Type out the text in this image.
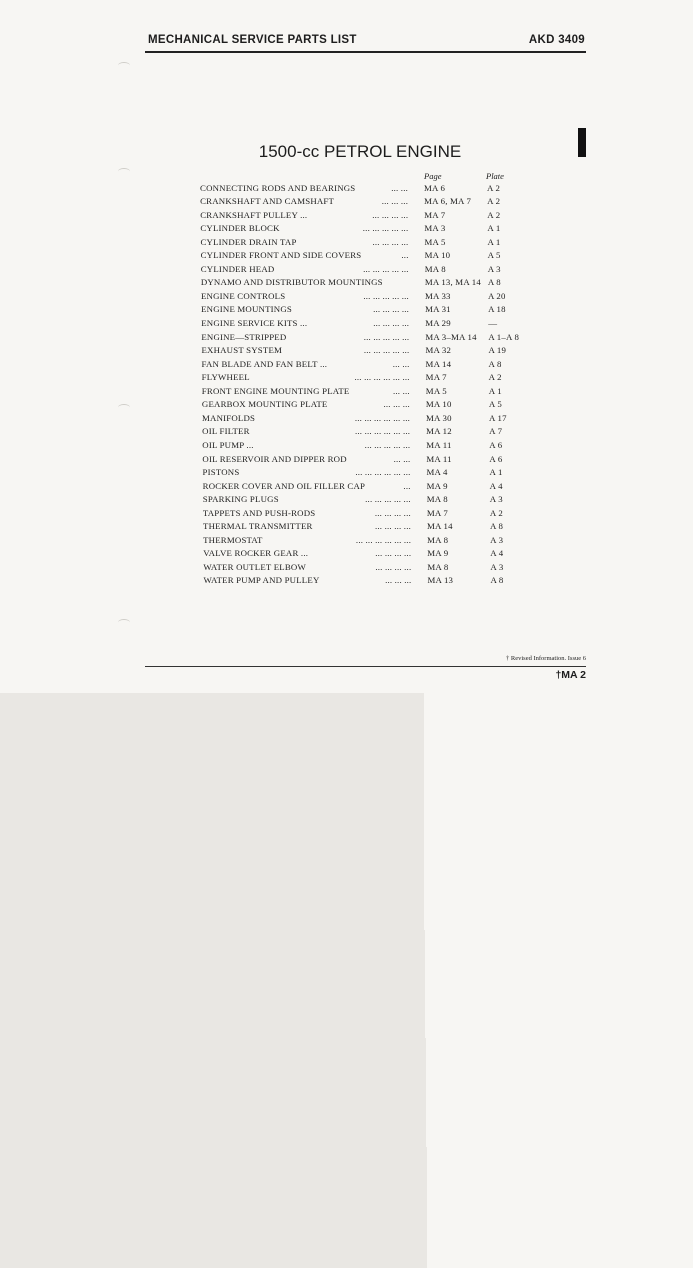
MECHANICAL SERVICE PARTS LIST	AKD 3409
1500-cc PETROL ENGINE
Page	Plate
CONNECTING RODS AND BEARINGS	... ... MA 6	A 2
CRANKSHAFT AND CAMSHAFT	... ... ... MA 6, MA 7	A 2
CRANKSHAFT PULLEY ...	... ... ... ... MA 7	A 2
CYLINDER BLOCK	... ... ... ... ... MA 3	A 1
CYLINDER DRAIN TAP	... ... ... ... MA 5	A 1
CYLINDER FRONT AND SIDE COVERS	... MA 10	A 5
CYLINDER HEAD	... ... ... ... ... MA 8	A 3
DYNAMO AND DISTRIBUTOR MOUNTINGS	MA 13, MA 14 A 8
ENGINE CONTROLS	... ... ... ... ... MA 33	A 20
ENGINE MOUNTINGS	... ... ... ... MA 31	A 18
ENGINE SERVICE KITS ...	... ... ... ... MA 29	—
ENGINE—STRIPPED	... ... ... ... ... MA 3–MA 14	A 1–A 8
EXHAUST SYSTEM	... ... ... ... ... MA 32	A 19
FAN BLADE AND FAN BELT ...	... ... MA 14	A 8
FLYWHEEL	... ... ... ... ... ... MA 7	A 2
FRONT ENGINE MOUNTING PLATE	... ... MA 5	A 1
GEARBOX MOUNTING PLATE	... ... ... MA 10	A 5
MANIFOLDS	... ... ... ... ... ... MA 30	A 17
OIL FILTER	... ... ... ... ... ... MA 12	A 7
OIL PUMP ...	... ... ... ... ... MA 11	A 6
OIL RESERVOIR AND DIPPER ROD	... ... MA 11	A 6
PISTONS	... ... ... ... ... ... MA 4	A 1
ROCKER COVER AND OIL FILLER CAP	... MA 9	A 4
SPARKING PLUGS	... ... ... ... ... MA 8	A 3
TAPPETS AND PUSH-RODS	... ... ... ... MA 7	A 2
THERMAL TRANSMITTER	... ... ... ... MA 14	A 8
THERMOSTAT	... ... ... ... ... ... MA 8	A 3
VALVE ROCKER GEAR ...	... ... ... ... MA 9	A 4
WATER OUTLET ELBOW	... ... ... ... MA 8	A 3
WATER PUMP AND PULLEY	... ... ... MA 13	A 8
† Revised Information. Issue 6
†MA 2
